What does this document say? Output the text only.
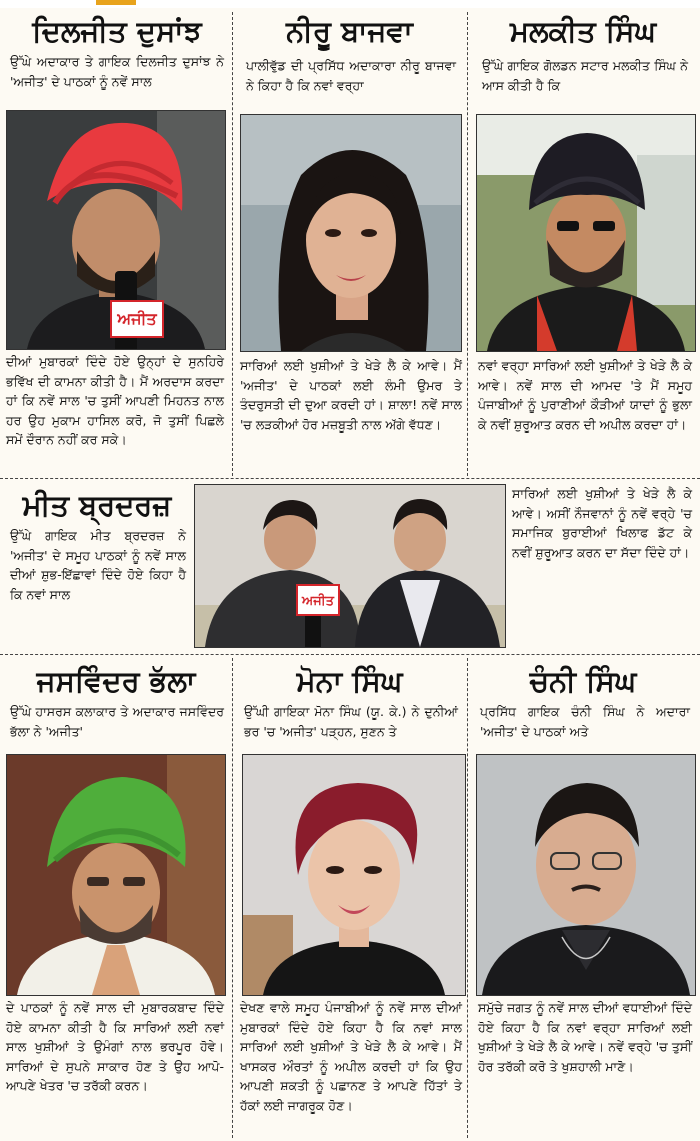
ਦਿਲਜੀਤ ਦੁਸਾਂਝ
ਉੱਘੇ ਅਦਾਕਾਰ ਤੇ ਗਾਇਕ ਦਿਲਜੀਤ ਦੁਸਾਂਝ ਨੇ 'ਅਜੀਤ' ਦੇ ਪਾਠਕਾਂ ਨੂੰ ਨਵੇਂ ਸਾਲ
ਅਜੀਤ
ਦੀਆਂ ਮੁਬਾਰਕਾਂ ਦਿੰਦੇ ਹੋਏ ਉਨ੍ਹਾਂ ਦੇ ਸੁਨਹਿਰੇ ਭਵਿੱਖ ਦੀ ਕਾਮਨਾ ਕੀਤੀ ਹੈ। ਮੈਂ ਅਰਦਾਸ ਕਰਦਾ ਹਾਂ ਕਿ ਨਵੇਂ ਸਾਲ 'ਚ ਤੁਸੀਂ ਆਪਣੀ ਮਿਹਨਤ ਨਾਲ ਹਰ ਉਹ ਮੁਕਾਮ ਹਾਸਿਲ ਕਰੋ, ਜੋ ਤੁਸੀਂ ਪਿਛਲੇ ਸਮੇਂ ਦੌਰਾਨ ਨਹੀਂ ਕਰ ਸਕੇ।
ਨੀਰੂ ਬਾਜਵਾ
ਪਾਲੀਵੁੱਡ ਦੀ ਪ੍ਰਸਿੱਧ ਅਦਾਕਾਰਾ ਨੀਰੂ ਬਾਜਵਾ ਨੇ ਕਿਹਾ ਹੈ ਕਿ ਨਵਾਂ ਵਰ੍ਹਾ
ਸਾਰਿਆਂ ਲਈ ਖੁਸ਼ੀਆਂ ਤੇ ਖੇੜੇ ਲੈ ਕੇ ਆਵੇ। ਮੈਂ 'ਅਜੀਤ' ਦੇ ਪਾਠਕਾਂ ਲਈ ਲੰਮੀ ਉਮਰ ਤੇ ਤੰਦਰੁਸਤੀ ਦੀ ਦੁਆ ਕਰਦੀ ਹਾਂ। ਸ਼ਾਲਾ! ਨਵੇਂ ਸਾਲ 'ਚ ਲੜਕੀਆਂ ਹੋਰ ਮਜ਼ਬੂਤੀ ਨਾਲ ਅੱਗੇ ਵੱਧਣ।
ਮਲਕੀਤ ਸਿੰਘ
ਉੱਘੇ ਗਾਇਕ ਗੋਲਡਨ ਸਟਾਰ ਮਲਕੀਤ ਸਿੰਘ ਨੇ ਆਸ ਕੀਤੀ ਹੈ ਕਿ
ਨਵਾਂ ਵਰ੍ਹਾ ਸਾਰਿਆਂ ਲਈ ਖੁਸ਼ੀਆਂ ਤੇ ਖੇੜੇ ਲੈ ਕੇ ਆਵੇ। ਨਵੇਂ ਸਾਲ ਦੀ ਆਮਦ 'ਤੇ ਮੈਂ ਸਮੂਹ ਪੰਜਾਬੀਆਂ ਨੂੰ ਪੁਰਾਣੀਆਂ ਕੌੜੀਆਂ ਯਾਦਾਂ ਨੂੰ ਭੁਲਾ ਕੇ ਨਵੀਂ ਸ਼ੁਰੂਆਤ ਕਰਨ ਦੀ ਅਪੀਲ ਕਰਦਾ ਹਾਂ।
ਮੀਤ ਬ੍ਰਦਰਜ਼
ਉੱਘੇ ਗਾਇਕ ਮੀਤ ਬ੍ਰਦਰਜ਼ ਨੇ 'ਅਜੀਤ' ਦੇ ਸਮੂਹ ਪਾਠਕਾਂ ਨੂੰ ਨਵੇਂ ਸਾਲ ਦੀਆਂ ਸ਼ੁਭ-ਇੱਛਾਵਾਂ ਦਿੰਦੇ ਹੋਏ ਕਿਹਾ ਹੈ ਕਿ ਨਵਾਂ ਸਾਲ	ਅਜੀਤ
ਸਾਰਿਆਂ ਲਈ ਖੁਸ਼ੀਆਂ ਤੇ ਖੇੜੇ ਲੈ ਕੇ ਆਵੇ। ਅਸੀਂ ਨੌਜਵਾਨਾਂ ਨੂੰ ਨਵੇਂ ਵਰ੍ਹੇ 'ਚ ਸਮਾਜਿਕ ਬੁਰਾਈਆਂ ਖਿਲਾਫ ਡੱਟ ਕੇ ਨਵੀਂ ਸ਼ੁਰੂਆਤ ਕਰਨ ਦਾ ਸੱਦਾ ਦਿੰਦੇ ਹਾਂ।
ਜਸਵਿੰਦਰ ਭੱਲਾ
ਉੱਘੇ ਹਾਸਰਸ ਕਲਾਕਾਰ ਤੇ ਅਦਾਕਾਰ ਜਸਵਿੰਦਰ ਭੱਲਾ ਨੇ 'ਅਜੀਤ'
ਦੇ ਪਾਠਕਾਂ ਨੂੰ ਨਵੇਂ ਸਾਲ ਦੀ ਮੁਬਾਰਕਬਾਦ ਦਿੰਦੇ ਹੋਏ ਕਾਮਨਾ ਕੀਤੀ ਹੈ ਕਿ ਸਾਰਿਆਂ ਲਈ ਨਵਾਂ ਸਾਲ ਖੁਸ਼ੀਆਂ ਤੇ ਉਮੰਗਾਂ ਨਾਲ ਭਰਪੂਰ ਹੋਵੇ। ਸਾਰਿਆਂ ਦੇ ਸੁਪਨੇ ਸਾਕਾਰ ਹੋਣ ਤੇ ਉਹ ਆਪੋ-ਆਪਣੇ ਖੇਤਰ 'ਚ ਤਰੱਕੀ ਕਰਨ।
ਮੋਨਾ ਸਿੰਘ
ਉੱਘੀ ਗਾਇਕਾ ਮੋਨਾ ਸਿੰਘ (ਯੂ. ਕੇ.) ਨੇ ਦੁਨੀਆਂ ਭਰ 'ਚ 'ਅਜੀਤ' ਪੜ੍ਹਨ, ਸੁਣਨ ਤੇ
ਦੇਖਣ ਵਾਲੇ ਸਮੂਹ ਪੰਜਾਬੀਆਂ ਨੂੰ ਨਵੇਂ ਸਾਲ ਦੀਆਂ ਮੁਬਾਰਕਾਂ ਦਿੰਦੇ ਹੋਏ ਕਿਹਾ ਹੈ ਕਿ ਨਵਾਂ ਸਾਲ ਸਾਰਿਆਂ ਲਈ ਖੁਸ਼ੀਆਂ ਤੇ ਖੇੜੇ ਲੈ ਕੇ ਆਵੇ। ਮੈਂ ਖਾਸਕਰ ਔਰਤਾਂ ਨੂੰ ਅਪੀਲ ਕਰਦੀ ਹਾਂ ਕਿ ਉਹ ਆਪਣੀ ਸ਼ਕਤੀ ਨੂੰ ਪਛਾਨਣ ਤੇ ਆਪਣੇ ਹਿੱਤਾਂ ਤੇ ਹੱਕਾਂ ਲਈ ਜਾਗਰੂਕ ਹੋਣ।
ਚੰਨੀ ਸਿੰਘ
ਪ੍ਰਸਿੱਧ ਗਾਇਕ ਚੰਨੀ ਸਿੰਘ ਨੇ ਅਦਾਰਾ 'ਅਜੀਤ' ਦੇ ਪਾਠਕਾਂ ਅਤੇ
ਸਮੁੱਚੇ ਜਗਤ ਨੂੰ ਨਵੇਂ ਸਾਲ ਦੀਆਂ ਵਧਾਈਆਂ ਦਿੰਦੇ ਹੋਏ ਕਿਹਾ ਹੈ ਕਿ ਨਵਾਂ ਵਰ੍ਹਾ ਸਾਰਿਆਂ ਲਈ ਖੁਸ਼ੀਆਂ ਤੇ ਖੇੜੇ ਲੈ ਕੇ ਆਵੇ। ਨਵੇਂ ਵਰ੍ਹੇ 'ਚ ਤੁਸੀਂ ਹੋਰ ਤਰੱਕੀ ਕਰੋ ਤੇ ਖੁਸ਼ਹਾਲੀ ਮਾਣੋ।
